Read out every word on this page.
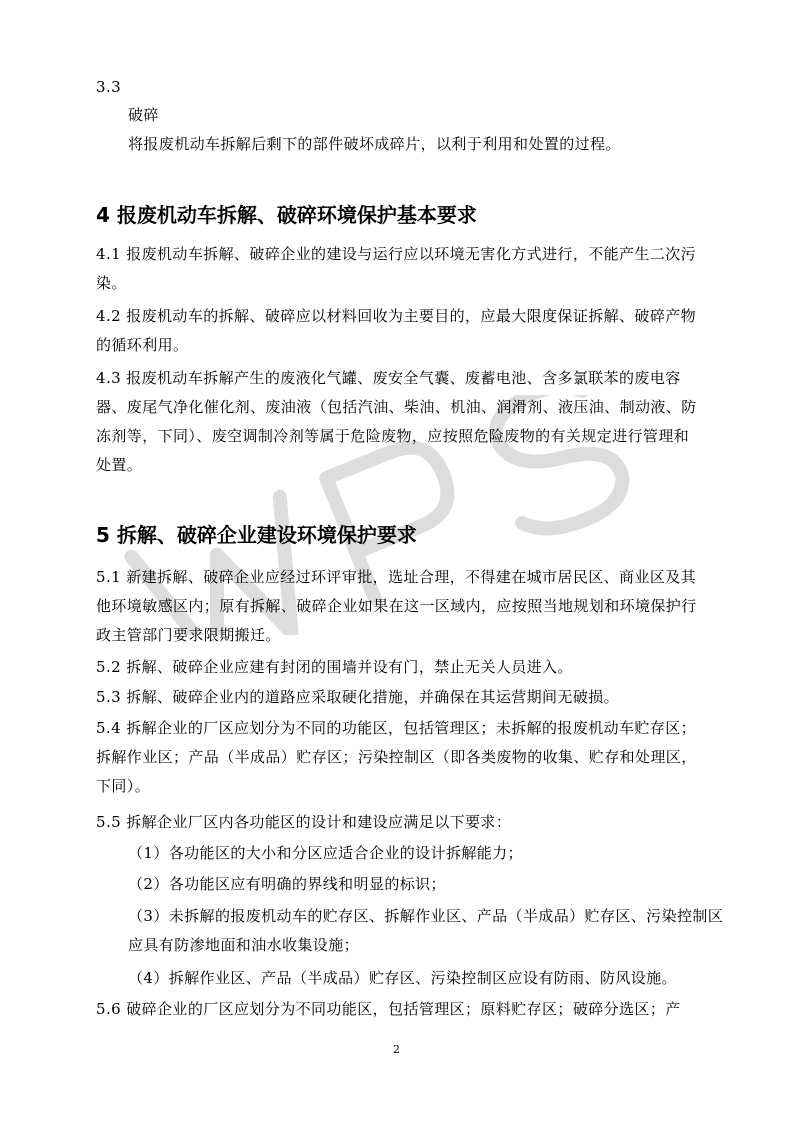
3.3

破碎

将报废机动车拆解后剩下的部件破坏成碎片，以利于利用和处置的过程。

4 报废机动车拆解、破碎环境保护基本要求

4.1 报废机动车拆解、破碎企业的建设与运行应以环境无害化方式进行，不能产生二次污染。

4.2 报废机动车的拆解、破碎应以材料回收为主要目的，应最大限度保证拆解、破碎产物的循环利用。

4.3 报废机动车拆解产生的废液化气罐、废安全气囊、废蓄电池、含多氯联苯的废电容器、废尾气净化催化剂、废油液（包括汽油、柴油、机油、润滑剂、液压油、制动液、防冻剂等，下同）、废空调制冷剂等属于危险废物，应按照危险废物的有关规定进行管理和处置。

5 拆解、破碎企业建设环境保护要求

5.1 新建拆解、破碎企业应经过环评审批，选址合理，不得建在城市居民区、商业区及其他环境敏感区内；原有拆解、破碎企业如果在这一区域内，应按照当地规划和环境保护行政主管部门要求限期搬迁。

5.2 拆解、破碎企业应建有封闭的围墙并设有门，禁止无关人员进入。

5.3 拆解、破碎企业内的道路应采取硬化措施，并确保在其运营期间无破损。

5.4 拆解企业的厂区应划分为不同的功能区，包括管理区；未拆解的报废机动车贮存区；拆解作业区；产品（半成品）贮存区；污染控制区（即各类废物的收集、贮存和处理区，下同）。

5.5 拆解企业厂区内各功能区的设计和建设应满足以下要求：

（1）各功能区的大小和分区应适合企业的设计拆解能力；

（2）各功能区应有明确的界线和明显的标识；

（3）未拆解的报废机动车的贮存区、拆解作业区、产品（半成品）贮存区、污染控制区应具有防渗地面和油水收集设施；

（4）拆解作业区、产品（半成品）贮存区、污染控制区应设有防雨、防风设施。

5.6 破碎企业的厂区应划分为不同功能区，包括管理区；原料贮存区；破碎分选区；产

2
